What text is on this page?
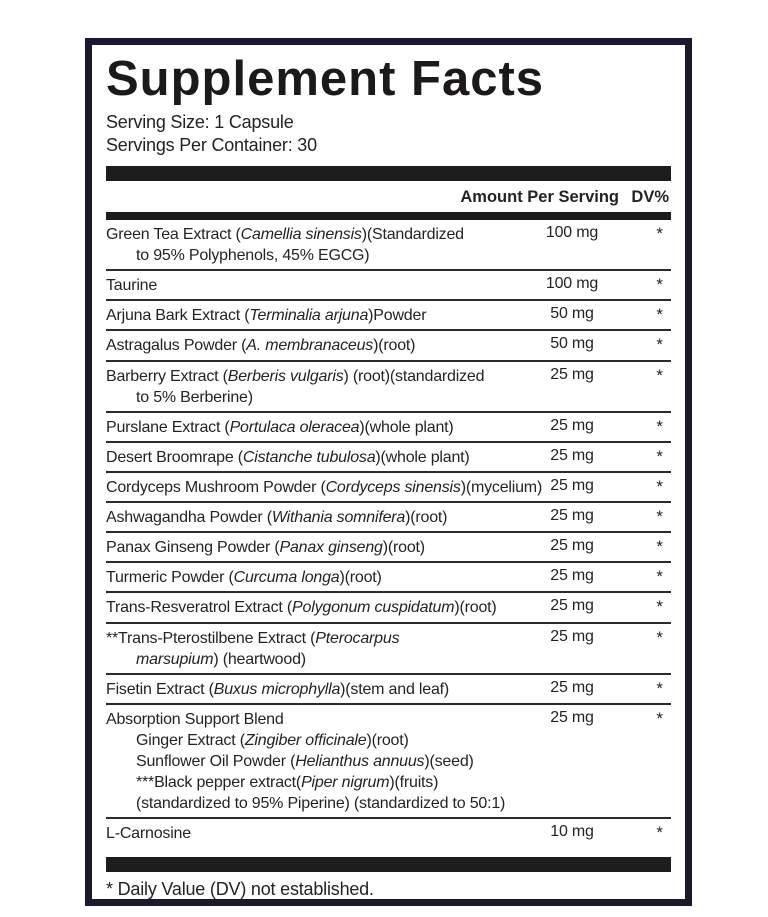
Supplement Facts
Serving Size: 1 Capsule
Servings Per Container: 30
Amount Per Serving DV%
Green Tea Extract (Camellia sinensis)(Standardized
to 95% Polyphenols, 45% EGCG)
100 mg	*
Taurine	100 mg	*
Arjuna Bark Extract (Terminalia arjuna)Powder	50 mg	*
Astragalus Powder (A. membranaceus)(root)	50 mg	*
Barberry Extract (Berberis vulgaris) (root)(standardized
to 5% Berberine)
25 mg	*
Purslane Extract (Portulaca oleracea)(whole plant)	25 mg	*
Desert Broomrape (Cistanche tubulosa)(whole plant)	25 mg	*
Cordyceps Mushroom Powder (Cordyceps sinensis)(mycelium) 25 mg	*
Ashwagandha Powder (Withania somnifera)(root)	25 mg	*
Panax Ginseng Powder (Panax ginseng)(root)	25 mg	*
Turmeric Powder (Curcuma longa)(root)	25 mg	*
Trans-Resveratrol Extract (Polygonum cuspidatum)(root)	25 mg	*
**Trans-Pterostilbene Extract (Pterocarpus
marsupium) (heartwood)
25 mg	*
Fisetin Extract (Buxus microphylla)(stem and leaf)	25 mg	*
Absorption Support Blend
Ginger Extract (Zingiber officinale)(root)
Sunflower Oil Powder (Helianthus annuus)(seed)
***Black pepper extract(Piper nigrum)(fruits)
(standardized to 95% Piperine) (standardized to 50:1)
25 mg	*
L-Carnosine	10 mg	*
* Daily Value (DV) not established.
